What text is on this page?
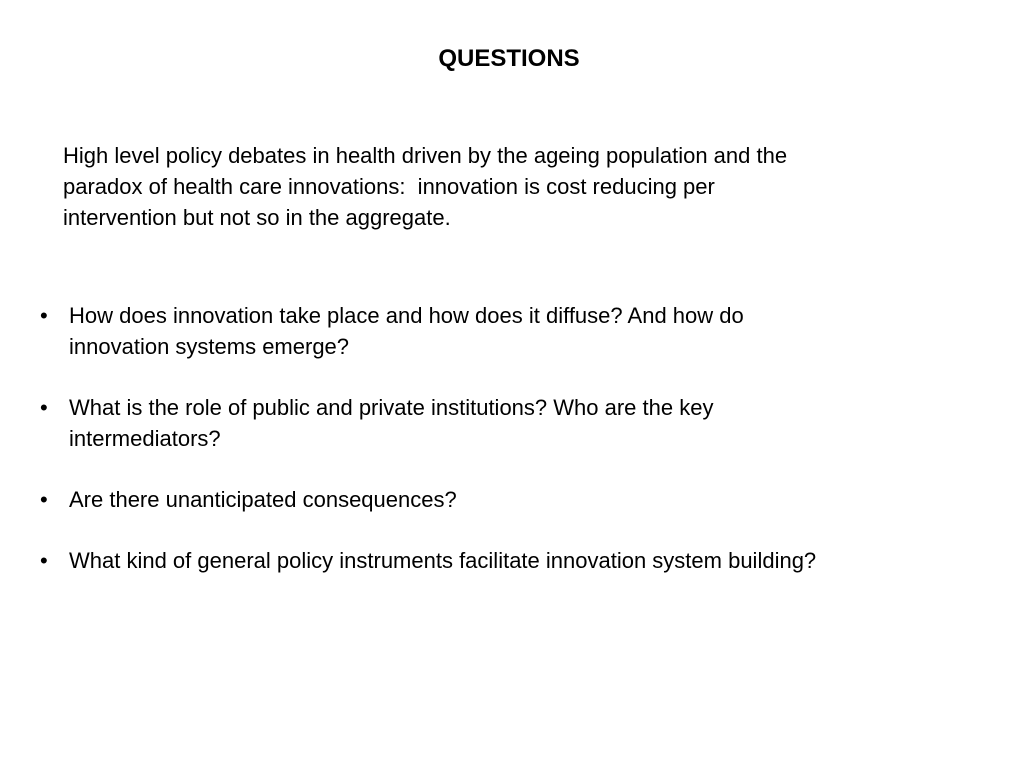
QUESTIONS

High level policy debates in health driven by the ageing population and the
paradox of health care innovations:  innovation is cost reducing per
intervention but not so in the aggregate.

• How does innovation take place and how does it diffuse? And how do
innovation systems emerge?
• What is the role of public and private institutions? Who are the key
intermediators?
• Are there unanticipated consequences?
• What kind of general policy instruments facilitate innovation system building?
